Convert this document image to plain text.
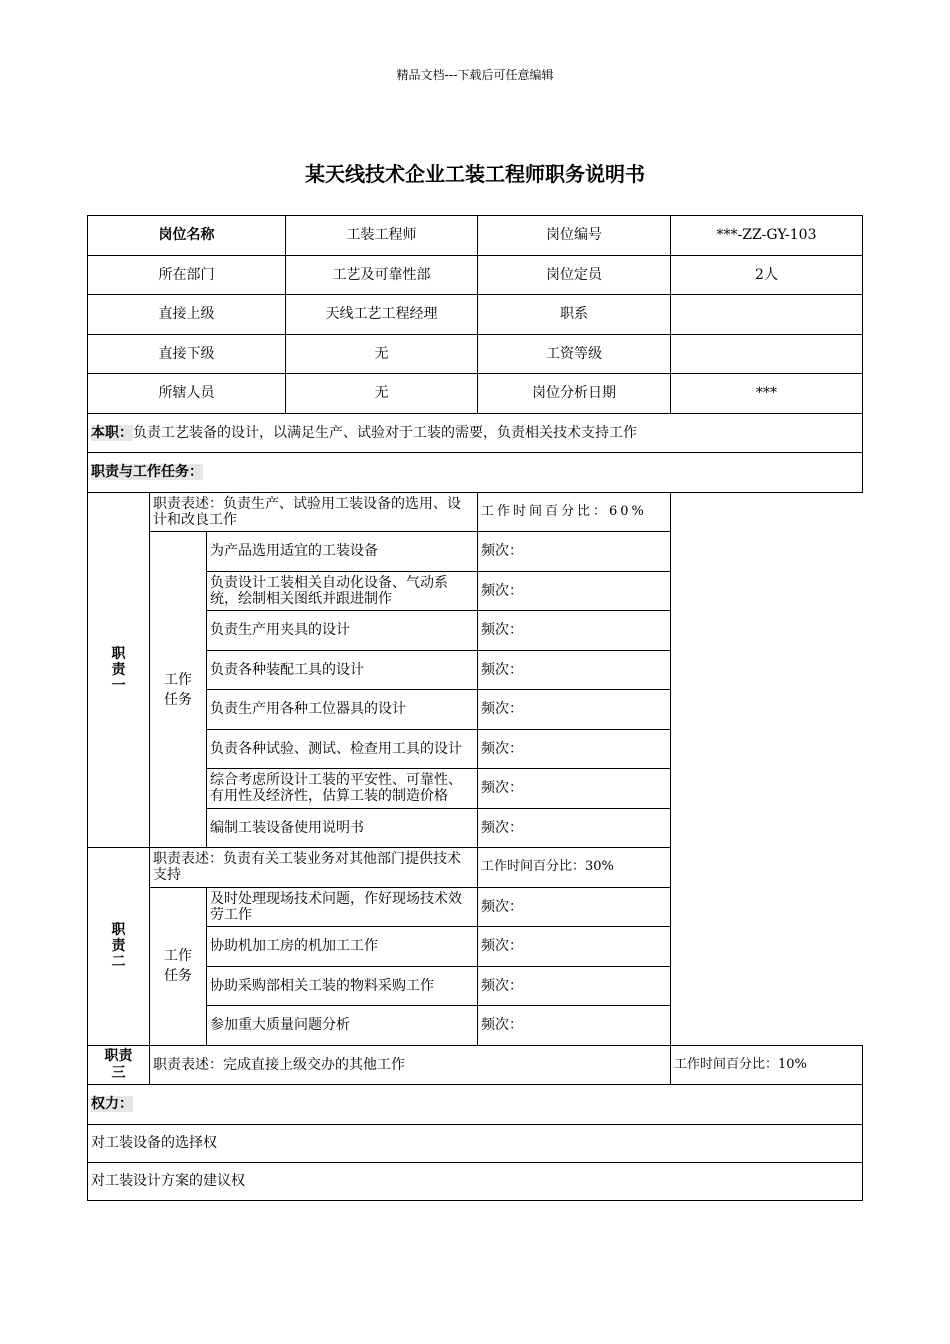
精品文档---下载后可任意编辑
某天线技术企业工装工程师职务说明书
岗位名称			工装工程师	岗位编号	***-ZZ-GY-103
所在部门			工艺及可靠性部	岗位定员	2人
直接上级			天线工艺工程经理	职系	
直接下级			无	工资等级	
所辖人员			无	岗位分析日期	***
本职：负责工艺装备的设计，以满足生产、试验对于工装的需要，负责相关技术支持工作					
职责与工作任务：					

职责一	职责表述：负责生产、试验用工装设备的选用、设计和改良工作			工作时间百分比：60%	

	工作任务	为产品选用适宜的工装设备		频次：	
		负责设计工装相关自动化设备、气动系统，绘制相关图纸并跟进制作		频次：	
		负责生产用夹具的设计		频次：	
		负责各种装配工具的设计		频次：	
		负责生产用各种工位器具的设计		频次：	
		负责各种试验、测试、检查用工具的设计		频次：	
		综合考虑所设计工装的平安性、可靠性、有用性及经济性，估算工装的制造价格		频次：	
		编制工装设备使用说明书		频次：	

职责二	职责表述：负责有关工装业务对其他部门提供技术支持			工作时间百分比：30%	

	工作任务	及时处理现场技术问题，作好现场技术效劳工作		频次：	
		协助机加工房的机加工工作		频次：	
		协助采购部相关工装的物料采购工作		频次：	
		参加重大质量问题分析		频次：	

职责三	职责表述：完成直接上级交办的其他工作				工作时间百分比：10%
权力：					
对工装设备的选择权					
对工装设计方案的建议权					
